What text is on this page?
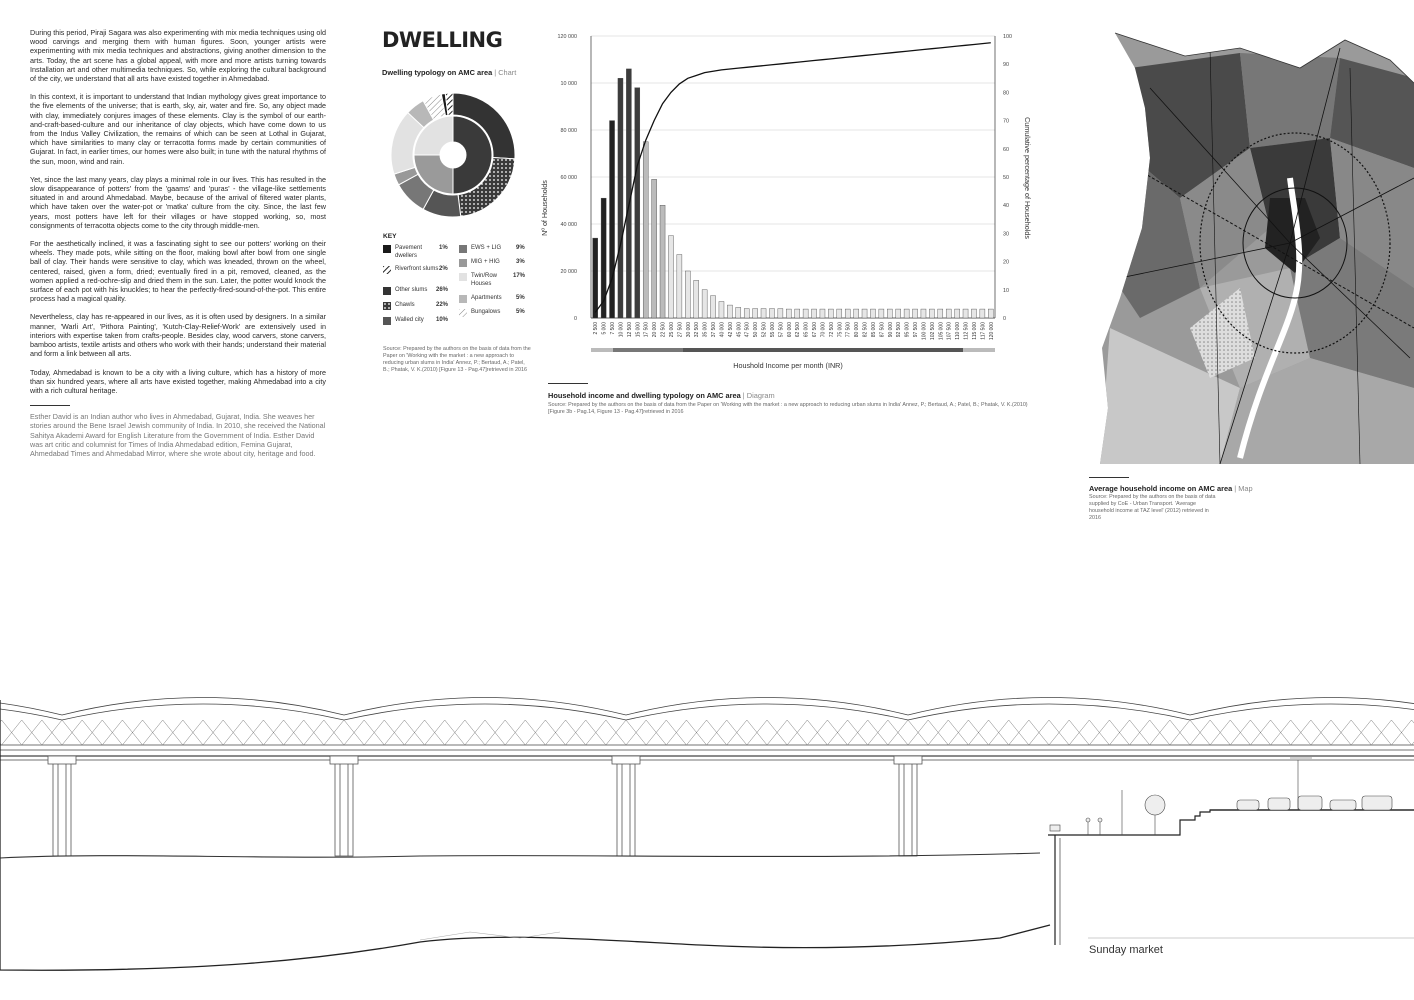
During this period, Piraji Sagara was also experimenting with mix media techniques using old wood carvings and merging them with human figures. Soon, younger artists were experimenting with mix media techniques and abstractions, giving another dimension to the arts. Today, the art scene has a global appeal, with more and more artists turning towards Installation art and other multimedia techniques. So, while exploring the cultural background of the city, we understand that all arts have existed together in Ahmedabad.

In this context, it is important to understand that Indian mythology gives great importance to the five elements of the universe; that is earth, sky, air, water and fire. So, any object made with clay, immediately conjures images of these elements. Clay is the symbol of our earth-and-craft-based-culture and our inheritance of clay objects, which have come down to us from the Indus Valley Civilization, the remains of which can be seen at Lothal in Gujarat, which have similarities to many clay or terracotta forms made by certain communities of Gujarat. In fact, in earlier times, our homes were also built; in tune with the natural rhythms of the sun, moon, wind and rain.

Yet, since the last many years, clay plays a minimal role in our lives. This has resulted in the slow disappearance of potters' from the 'gaams' and 'puras' - the village-like settlements situated in and around Ahmedabad. Maybe, because of the arrival of filtered water plants, which have taken over the water-pot or 'matka' culture from the city. Since, the last few years, most potters have left for their villages or have stopped working, so, most consignments of terracotta objects come to the city through middle-men.

For the aesthetically inclined, it was a fascinating sight to see our potters' working on their wheels. They made pots, while sitting on the floor, making bowl after bowl from one single ball of clay. Their hands were sensitive to clay, which was kneaded, thrown on the wheel, centered, raised, given a form, dried; eventually fired in a pit, removed, cleaned, as the women applied a red-ochre-slip and dried them in the sun. Later, the potter would knock the surface of each pot with his knuckles; to hear the perfectly-fired-sound-of-the-pot. This entire process had a magical quality.

Nevertheless, clay has re-appeared in our lives, as it is often used by designers. In a similar manner, 'Warli Art', 'Pithora Painting', 'Kutch-Clay-Relief-Work' are extensively used in interiors with expertise taken from crafts-people. Besides clay, wood carvers, stone carvers, bamboo artists, textile artists and others who work with their hands; understand their material and form a link between all arts.

Today, Ahmedabad is known to be a city with a living culture, which has a history of more than six hundred years, where all arts have existed together, making Ahmedabad into a city with a rich cultural heritage.

Esther David is an Indian author who lives in Ahmedabad, Gujarat, India. She weaves her stories around the Bene Israel Jewish community of India. In 2010, she received the National Sahitya Akademi Award for English Literature from the Government of India. Esther David was art critic and columnist for Times of India Ahmedabad edition, Femina Gujarat, Ahmedabad Times and Ahmedabad Mirror, where she wrote about city, heritage and food.

DWELLING
Dwelling typology on AMC area | Chart
KEY
Pavement dwellers
1%
Riverfront slums 2%
Other slums	26%
Chawls	22%
Walled city	10%
EWS + LIG	9%
MIG + HIG	3%
Twin/Row Houses
17%
Apartments	5%
Bungalows	5%
Source: Prepared by the authors on the basis of data from the Paper on 'Working with the market : a new approach to reducing urban slums in India' Annez, P.; Bertaud, A.; Patel, B.; Phatak, V. K.(2010) [Figure 13 - Pag.47]retrieved in 2016
2 500 5 000 7 500 10 000 12 500 15 000 17 500 20 000 22 500 25 000 27 500 30 000 32 500 35 000 37 500 40 000 42 500 45 000 47 500 50 000 52 500 55 000 57 500 60 000 62 500 65 000 67 500 70 000 72 500 75 000 77 500 80 000 82 500 85 000 87 500 90 000 92 500 95 000 97 500 100 000 102 500 105 000 107 500 110 000 112 500 115 000 117 500 120 000
0
20 000
40 000
60 000
80 000
10 000
120 000
0
10
20
30
40
50
60
70
80
90
100
Nº of Households	Cumulative percentage of Households
Houshold Income per month (INR)
Household income and dwelling typology on AMC area | Diagram
Source: Prepared by the authors on the basis of data from the Paper on 'Working with the market : a new approach to reducing urban slums in India' Annez, P.; Bertaud, A.; Patel, B.; Phatak, V. K.(2010) [Figure 3b - Pag.14, Figure 13 - Pag.47]retrieved in 2016
Average household income on AMC area | Map
Source: Prepared by the authors on the basis of data supplied by CoE - Urban Transport. 'Average household income at TAZ level' (2012) retrieved in 2016
Sunday market
